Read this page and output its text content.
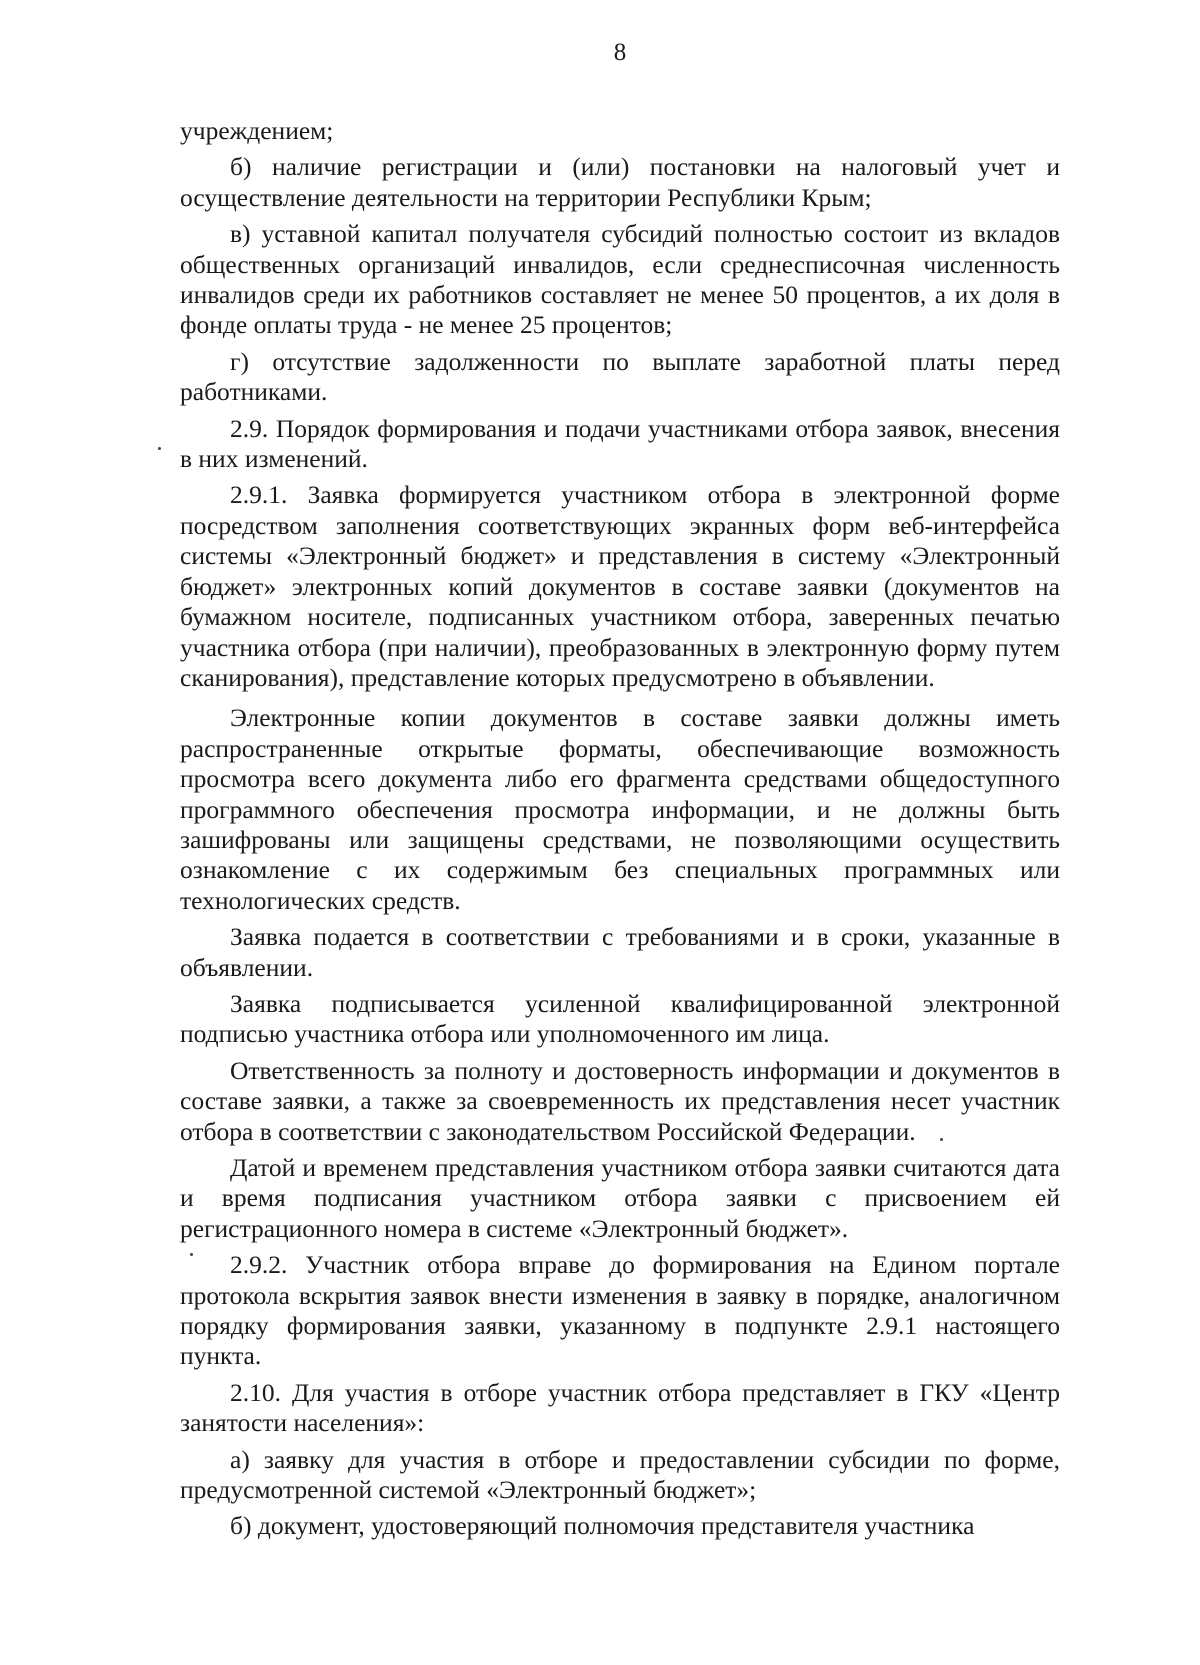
8

учреждением;

б) наличие регистрации и (или) постановки на налоговый учет и осуществление деятельности на территории Республики Крым;

в) уставной капитал получателя субсидий полностью состоит из вкладов общественных организаций инвалидов, если среднесписочная численность инвалидов среди их работников составляет не менее 50 процентов, а их доля в фонде оплаты труда - не менее 25 процентов;

г) отсутствие задолженности по выплате заработной платы перед работниками.

2.9. Порядок формирования и подачи участниками отбора заявок, внесения в них изменений.

2.9.1. Заявка формируется участником отбора в электронной форме посредством заполнения соответствующих экранных форм веб-интерфейса системы «Электронный бюджет» и представления в систему «Электронный бюджет» электронных копий документов в составе заявки (документов на бумажном носителе, подписанных участником отбора, заверенных печатью участника отбора (при наличии), преобразованных в электронную форму путем сканирования), представление которых предусмотрено в объявлении.

Электронные копии документов в составе заявки должны иметь распространенные открытые форматы, обеспечивающие возможность просмотра всего документа либо его фрагмента средствами общедоступного программного обеспечения просмотра информации, и не должны быть зашифрованы или защищены средствами, не позволяющими осуществить ознакомление с их содержимым без специальных программных или технологических средств.

Заявка подается в соответствии с требованиями и в сроки, указанные в объявлении.

Заявка подписывается усиленной квалифицированной электронной подписью участника отбора или уполномоченного им лица.

Ответственность за полноту и достоверность информации и документов в составе заявки, а также за своевременность их представления несет участник отбора в соответствии с законодательством Российской Федерации.

Датой и временем представления участником отбора заявки считаются дата и время подписания участником отбора заявки с присвоением ей регистрационного номера в системе «Электронный бюджет».

2.9.2. Участник отбора вправе до формирования на Едином портале протокола вскрытия заявок внести изменения в заявку в порядке, аналогичном порядку формирования заявки, указанному в подпункте 2.9.1 настоящего пункта.

2.10. Для участия в отборе участник отбора представляет в ГКУ «Центр занятости населения»:

а) заявку для участия в отборе и предоставлении субсидии по форме, предусмотренной системой «Электронный бюджет»;

б) документ, удостоверяющий полномочия представителя участника
